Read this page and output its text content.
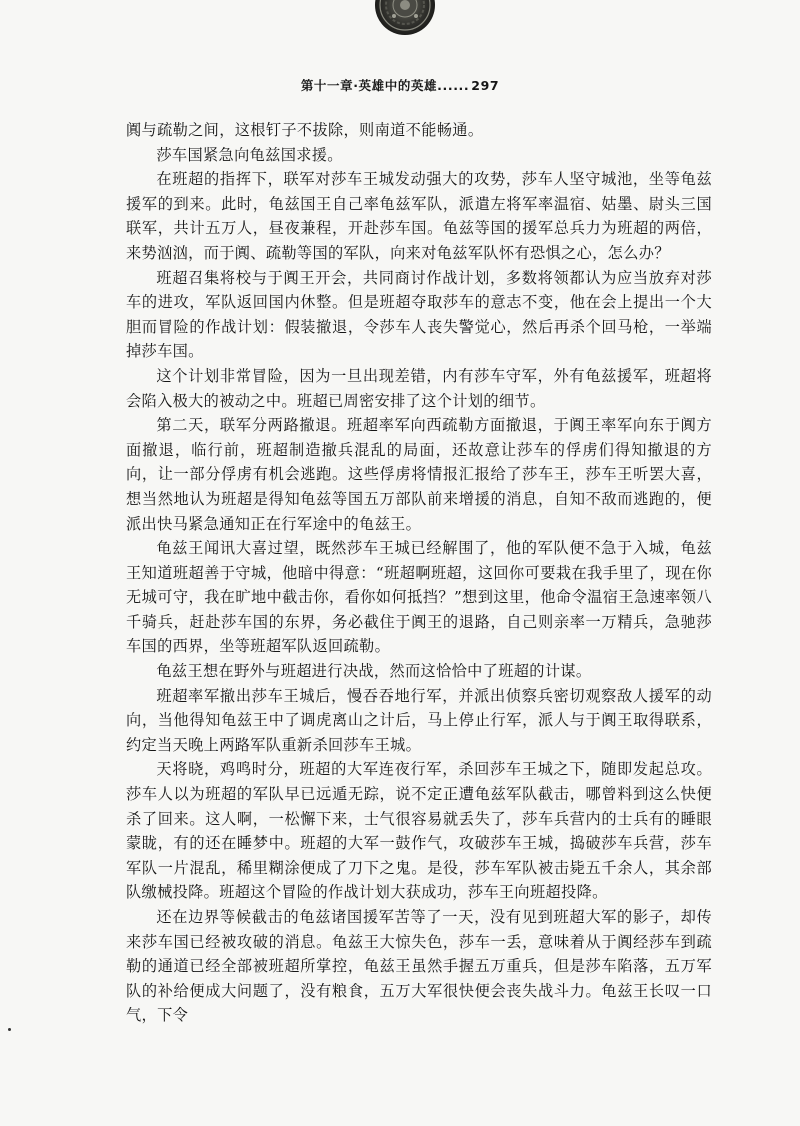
第十一章·英雄中的英雄...... 297

阗与疏勒之间，这根钉子不拔除，则南道不能畅通。

莎车国紧急向龟兹国求援。

在班超的指挥下，联军对莎车王城发动强大的攻势，莎车人坚守城池，坐等龟兹援军的到来。此时，龟兹国王自己率龟兹军队，派遣左将军率温宿、姑墨、尉头三国联军，共计五万人，昼夜兼程，开赴莎车国。龟兹等国的援军总兵力为班超的两倍，来势汹汹，而于阗、疏勒等国的军队，向来对龟兹军队怀有恐惧之心，怎么办？

班超召集将校与于阗王开会，共同商讨作战计划，多数将领都认为应当放弃对莎车的进攻，军队返回国内休整。但是班超夺取莎车的意志不变，他在会上提出一个大胆而冒险的作战计划：假装撤退，令莎车人丧失警觉心，然后再杀个回马枪，一举端掉莎车国。

这个计划非常冒险，因为一旦出现差错，内有莎车守军，外有龟兹援军，班超将会陷入极大的被动之中。班超已周密安排了这个计划的细节。

第二天，联军分两路撤退。班超率军向西疏勒方面撤退，于阗王率军向东于阗方面撤退，临行前，班超制造撤兵混乱的局面，还故意让莎车的俘虏们得知撤退的方向，让一部分俘虏有机会逃跑。这些俘虏将情报汇报给了莎车王，莎车王听罢大喜，想当然地认为班超是得知龟兹等国五万部队前来增援的消息，自知不敌而逃跑的，便派出快马紧急通知正在行军途中的龟兹王。

龟兹王闻讯大喜过望，既然莎车王城已经解围了，他的军队便不急于入城，龟兹王知道班超善于守城，他暗中得意：“班超啊班超，这回你可要栽在我手里了，现在你无城可守，我在旷地中截击你，看你如何抵挡？”想到这里，他命令温宿王急速率领八千骑兵，赶赴莎车国的东界，务必截住于阗王的退路，自己则亲率一万精兵，急驰莎车国的西界，坐等班超军队返回疏勒。

龟兹王想在野外与班超进行决战，然而这恰恰中了班超的计谋。

班超率军撤出莎车王城后，慢吞吞地行军，并派出侦察兵密切观察敌人援军的动向，当他得知龟兹王中了调虎离山之计后，马上停止行军，派人与于阗王取得联系，约定当天晚上两路军队重新杀回莎车王城。

天将晓，鸡鸣时分，班超的大军连夜行军，杀回莎车王城之下，随即发起总攻。莎车人以为班超的军队早已远遁无踪，说不定正遭龟兹军队截击，哪曾料到这么快便杀了回来。这人啊，一松懈下来，士气很容易就丢失了，莎车兵营内的士兵有的睡眼蒙眬，有的还在睡梦中。班超的大军一鼓作气，攻破莎车王城，捣破莎车兵营，莎车军队一片混乱，稀里糊涂便成了刀下之鬼。是役，莎车军队被击毙五千余人，其余部队缴械投降。班超这个冒险的作战计划大获成功，莎车王向班超投降。

还在边界等候截击的龟兹诸国援军苦等了一天，没有见到班超大军的影子，却传来莎车国已经被攻破的消息。龟兹王大惊失色，莎车一丢，意味着从于阗经莎车到疏勒的通道已经全部被班超所掌控，龟兹王虽然手握五万重兵，但是莎车陷落，五万军队的补给便成大问题了，没有粮食，五万大军很快便会丧失战斗力。龟兹王长叹一口气，下令
